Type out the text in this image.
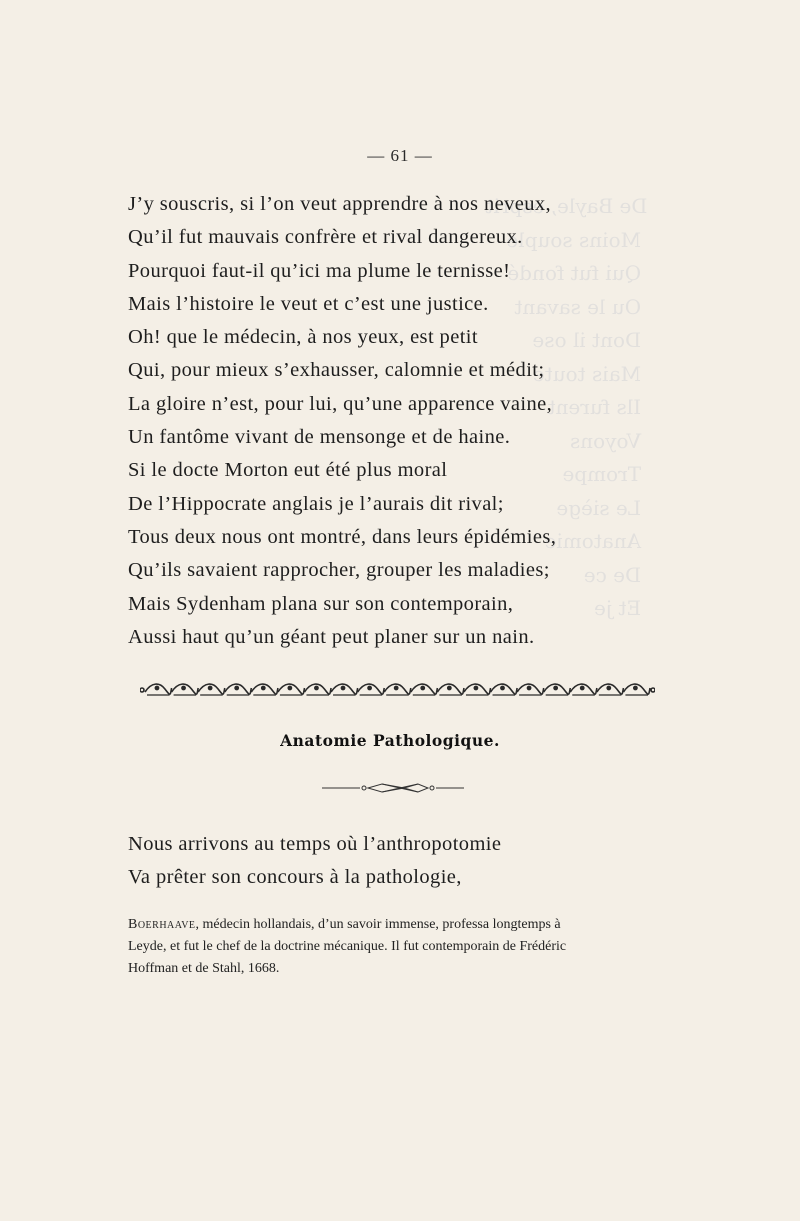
De Bayle, esprit
Moins souple
Qui fut fondé
Ou le savant
Dont il ose
Mais toute
Ils furent
Voyons
Trompe
Le siège
Anatomie
De ce
Et je
— 61 —
J’y souscris, si l’on veut apprendre à nos neveux,
Qu’il fut mauvais confrère et rival dangereux.
Pourquoi faut-il qu’ici ma plume le ternisse!
Mais l’histoire le veut et c’est une justice.
Oh! que le médecin, à nos yeux, est petit
Qui, pour mieux s’exhausser, calomnie et médit;
La gloire n’est, pour lui, qu’une apparence vaine,
Un fantôme vivant de mensonge et de haine.
Si le docte Morton eut été plus moral
De l’Hippocrate anglais je l’aurais dit rival;
Tous deux nous ont montré, dans leurs épidémies,
Qu’ils savaient rapprocher, grouper les maladies;
Mais Sydenham plana sur son contemporain,
Aussi haut qu’un géant peut planer sur un nain.
Anatomie Pathologique.
Nous arrivons au temps où l’anthropotomie
Va prêter son concours à la pathologie,
Boerhaave, médecin hollandais, d’un savoir immense, professa longtemps à
Leyde, et fut le chef de la doctrine mécanique. Il fut contemporain de Frédéric
Hoffman et de Stahl, 1668.
